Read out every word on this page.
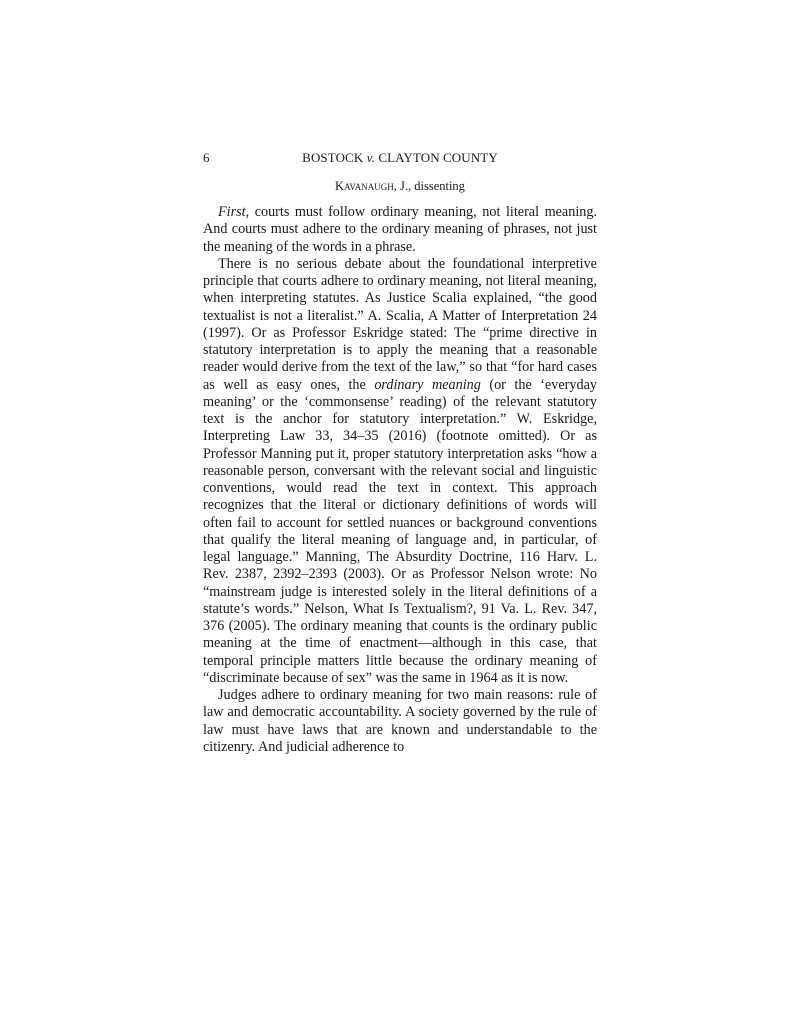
6	BOSTOCK v. CLAYTON COUNTY
Kavanaugh, J., dissenting

First, courts must follow ordinary meaning, not literal meaning. And courts must adhere to the ordinary meaning of phrases, not just the meaning of the words in a phrase.

There is no serious debate about the foundational interpretive principle that courts adhere to ordinary meaning, not literal meaning, when interpreting statutes. As Justice Scalia explained, “the good textualist is not a literalist.” A. Scalia, A Matter of Interpretation 24 (1997). Or as Professor Eskridge stated: The “prime directive in statutory interpretation is to apply the meaning that a reasonable reader would derive from the text of the law,” so that “for hard cases as well as easy ones, the ordinary meaning (or the ‘everyday meaning’ or the ‘commonsense’ reading) of the relevant statutory text is the anchor for statutory interpretation.” W. Eskridge, Interpreting Law 33, 34–35 (2016) (footnote omitted). Or as Professor Manning put it, proper statutory interpretation asks “how a reasonable person, conversant with the relevant social and linguistic conventions, would read the text in context. This approach recognizes that the literal or dictionary definitions of words will often fail to account for settled nuances or background conventions that qualify the literal meaning of language and, in particular, of legal language.” Manning, The Absurdity Doctrine, 116 Harv. L. Rev. 2387, 2392–2393 (2003). Or as Professor Nelson wrote: No “mainstream judge is interested solely in the literal definitions of a statute’s words.” Nelson, What Is Textualism?, 91 Va. L. Rev. 347, 376 (2005). The ordinary meaning that counts is the ordinary public meaning at the time of enactment—although in this case, that temporal principle matters little because the ordinary meaning of “discriminate because of sex” was the same in 1964 as it is now.

Judges adhere to ordinary meaning for two main reasons: rule of law and democratic accountability. A society governed by the rule of law must have laws that are known and understandable to the citizenry. And judicial adherence to
